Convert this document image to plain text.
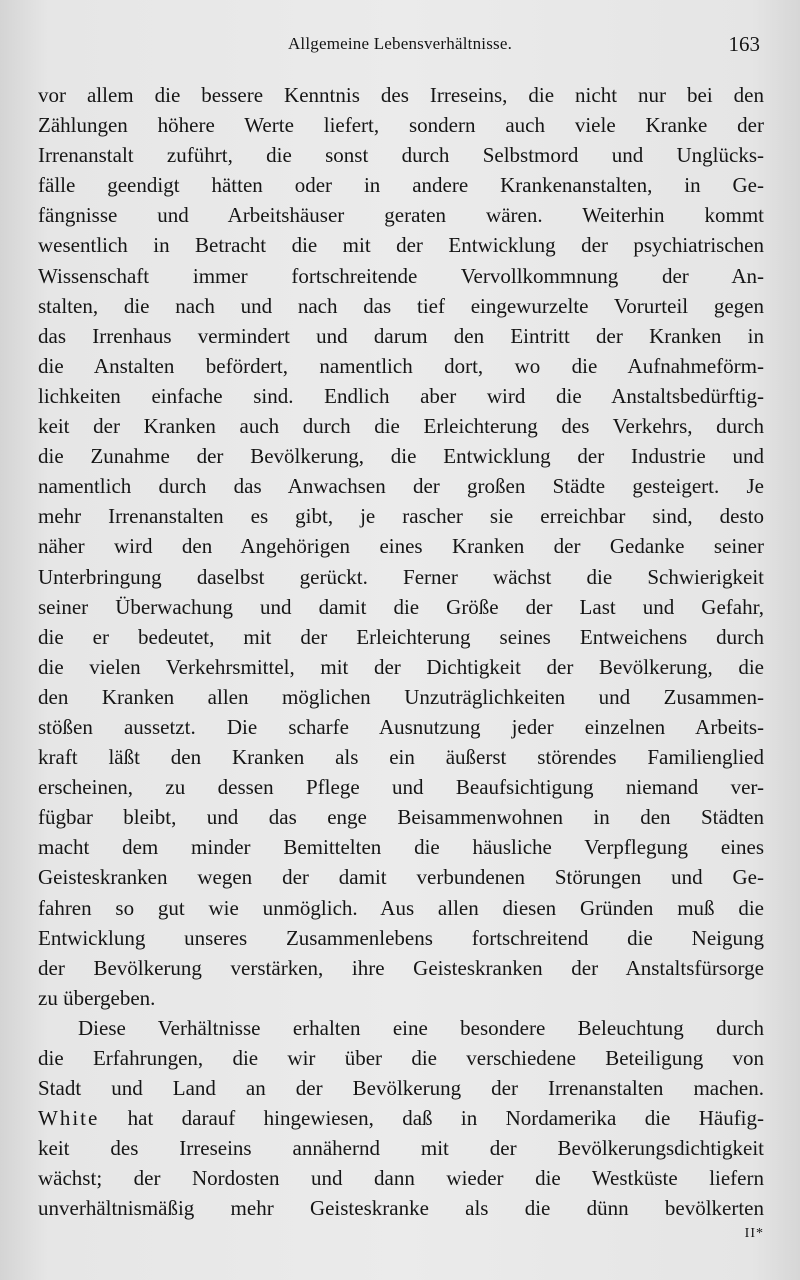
Allgemeine Lebensverhältnisse.	163
vor allem die bessere Kenntnis des Irreseins, die nicht nur bei den
Zählungen höhere Werte liefert, sondern auch viele Kranke der
Irrenanstalt zuführt, die sonst durch Selbstmord und Unglücks-
fälle geendigt hätten oder in andere Krankenanstalten, in Ge-
fängnisse und Arbeitshäuser geraten wären. Weiterhin kommt
wesentlich in Betracht die mit der Entwicklung der psychiatrischen
Wissenschaft immer fortschreitende Vervollkommnung der An-
stalten, die nach und nach das tief eingewurzelte Vorurteil gegen
das Irrenhaus vermindert und darum den Eintritt der Kranken in
die Anstalten befördert, namentlich dort, wo die Aufnahmeförm-
lichkeiten einfache sind. Endlich aber wird die Anstaltsbedürftig-
keit der Kranken auch durch die Erleichterung des Verkehrs, durch
die Zunahme der Bevölkerung, die Entwicklung der Industrie und
namentlich durch das Anwachsen der großen Städte gesteigert. Je
mehr Irrenanstalten es gibt, je rascher sie erreichbar sind, desto
näher wird den Angehörigen eines Kranken der Gedanke seiner
Unterbringung daselbst gerückt. Ferner wächst die Schwierigkeit
seiner Überwachung und damit die Größe der Last und Gefahr,
die er bedeutet, mit der Erleichterung seines Entweichens durch
die vielen Verkehrsmittel, mit der Dichtigkeit der Bevölkerung, die
den Kranken allen möglichen Unzuträglichkeiten und Zusammen-
stößen aussetzt. Die scharfe Ausnutzung jeder einzelnen Arbeits-
kraft läßt den Kranken als ein äußerst störendes Familienglied
erscheinen, zu dessen Pflege und Beaufsichtigung niemand ver-
fügbar bleibt, und das enge Beisammenwohnen in den Städten
macht dem minder Bemittelten die häusliche Verpflegung eines
Geisteskranken wegen der damit verbundenen Störungen und Ge-
fahren so gut wie unmöglich. Aus allen diesen Gründen muß die
Entwicklung unseres Zusammenlebens fortschreitend die Neigung
der Bevölkerung verstärken, ihre Geisteskranken der Anstaltsfürsorge
zu übergeben.
Diese Verhältnisse erhalten eine besondere Beleuchtung durch
die Erfahrungen, die wir über die verschiedene Beteiligung von
Stadt und Land an der Bevölkerung der Irrenanstalten machen.
White hat darauf hingewiesen, daß in Nordamerika die Häufig-
keit des Irreseins annähernd mit der Bevölkerungsdichtigkeit
wächst; der Nordosten und dann wieder die Westküste liefern
unverhältnismäßig mehr Geisteskranke als die dünn bevölkerten
II*
